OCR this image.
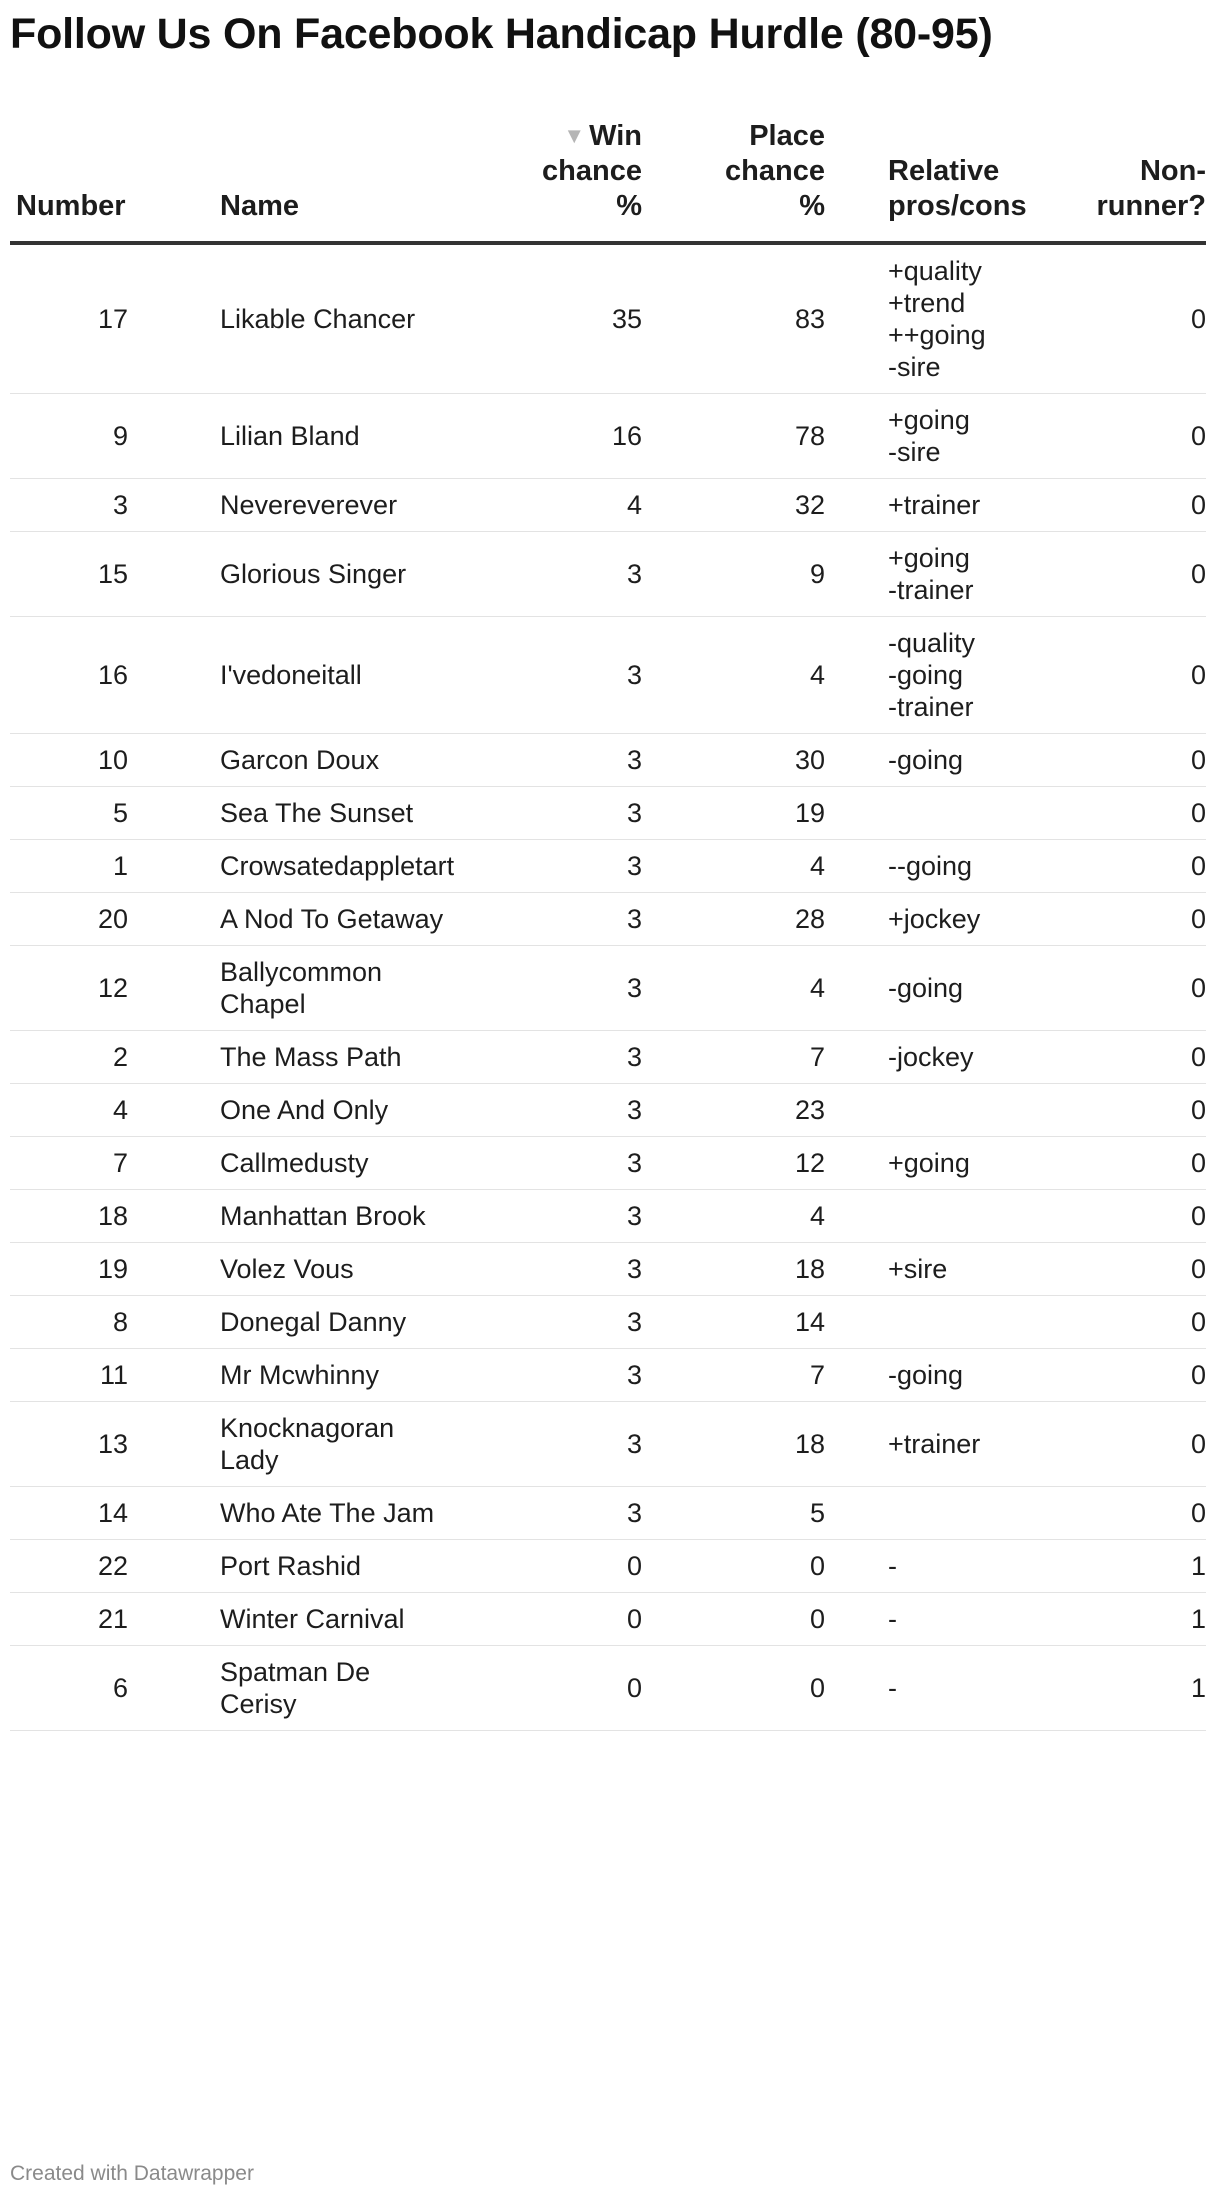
Follow Us On Facebook Handicap Hurdle (80-95)
Number	Name	▼ Win
chance
%	Place
chance
%	Relative
pros/cons	Non-
runner?
17	Likable Chancer	35	83	+quality
+trend
++going
-sire	0
9	Lilian Bland	16	78	+going
-sire	0
3	Nevereverever	4	32	+trainer	0
15	Glorious Singer	3	9	+going
-trainer	0
16	I'vedoneitall	3	4	-quality
-going
-trainer	0
10	Garcon Doux	3	30	-going	0
5	Sea The Sunset	3	19		0
1	Crowsatedappletart	3	4	--going	0
20	A Nod To Getaway	3	28	+jockey	0
12	Ballycommon Chapel	3	4	-going	0
2	The Mass Path	3	7	-jockey	0
4	One And Only	3	23		0
7	Callmedusty	3	12	+going	0
18	Manhattan Brook	3	4		0
19	Volez Vous	3	18	+sire	0
8	Donegal Danny	3	14		0
11	Mr Mcwhinny	3	7	-going	0
13	Knocknagoran Lady	3	18	+trainer	0
14	Who Ate The Jam	3	5		0
22	Port Rashid	0	0	-	1
21	Winter Carnival	0	0	-	1
6	Spatman De Cerisy	0	0	-	1
Created with Datawrapper
